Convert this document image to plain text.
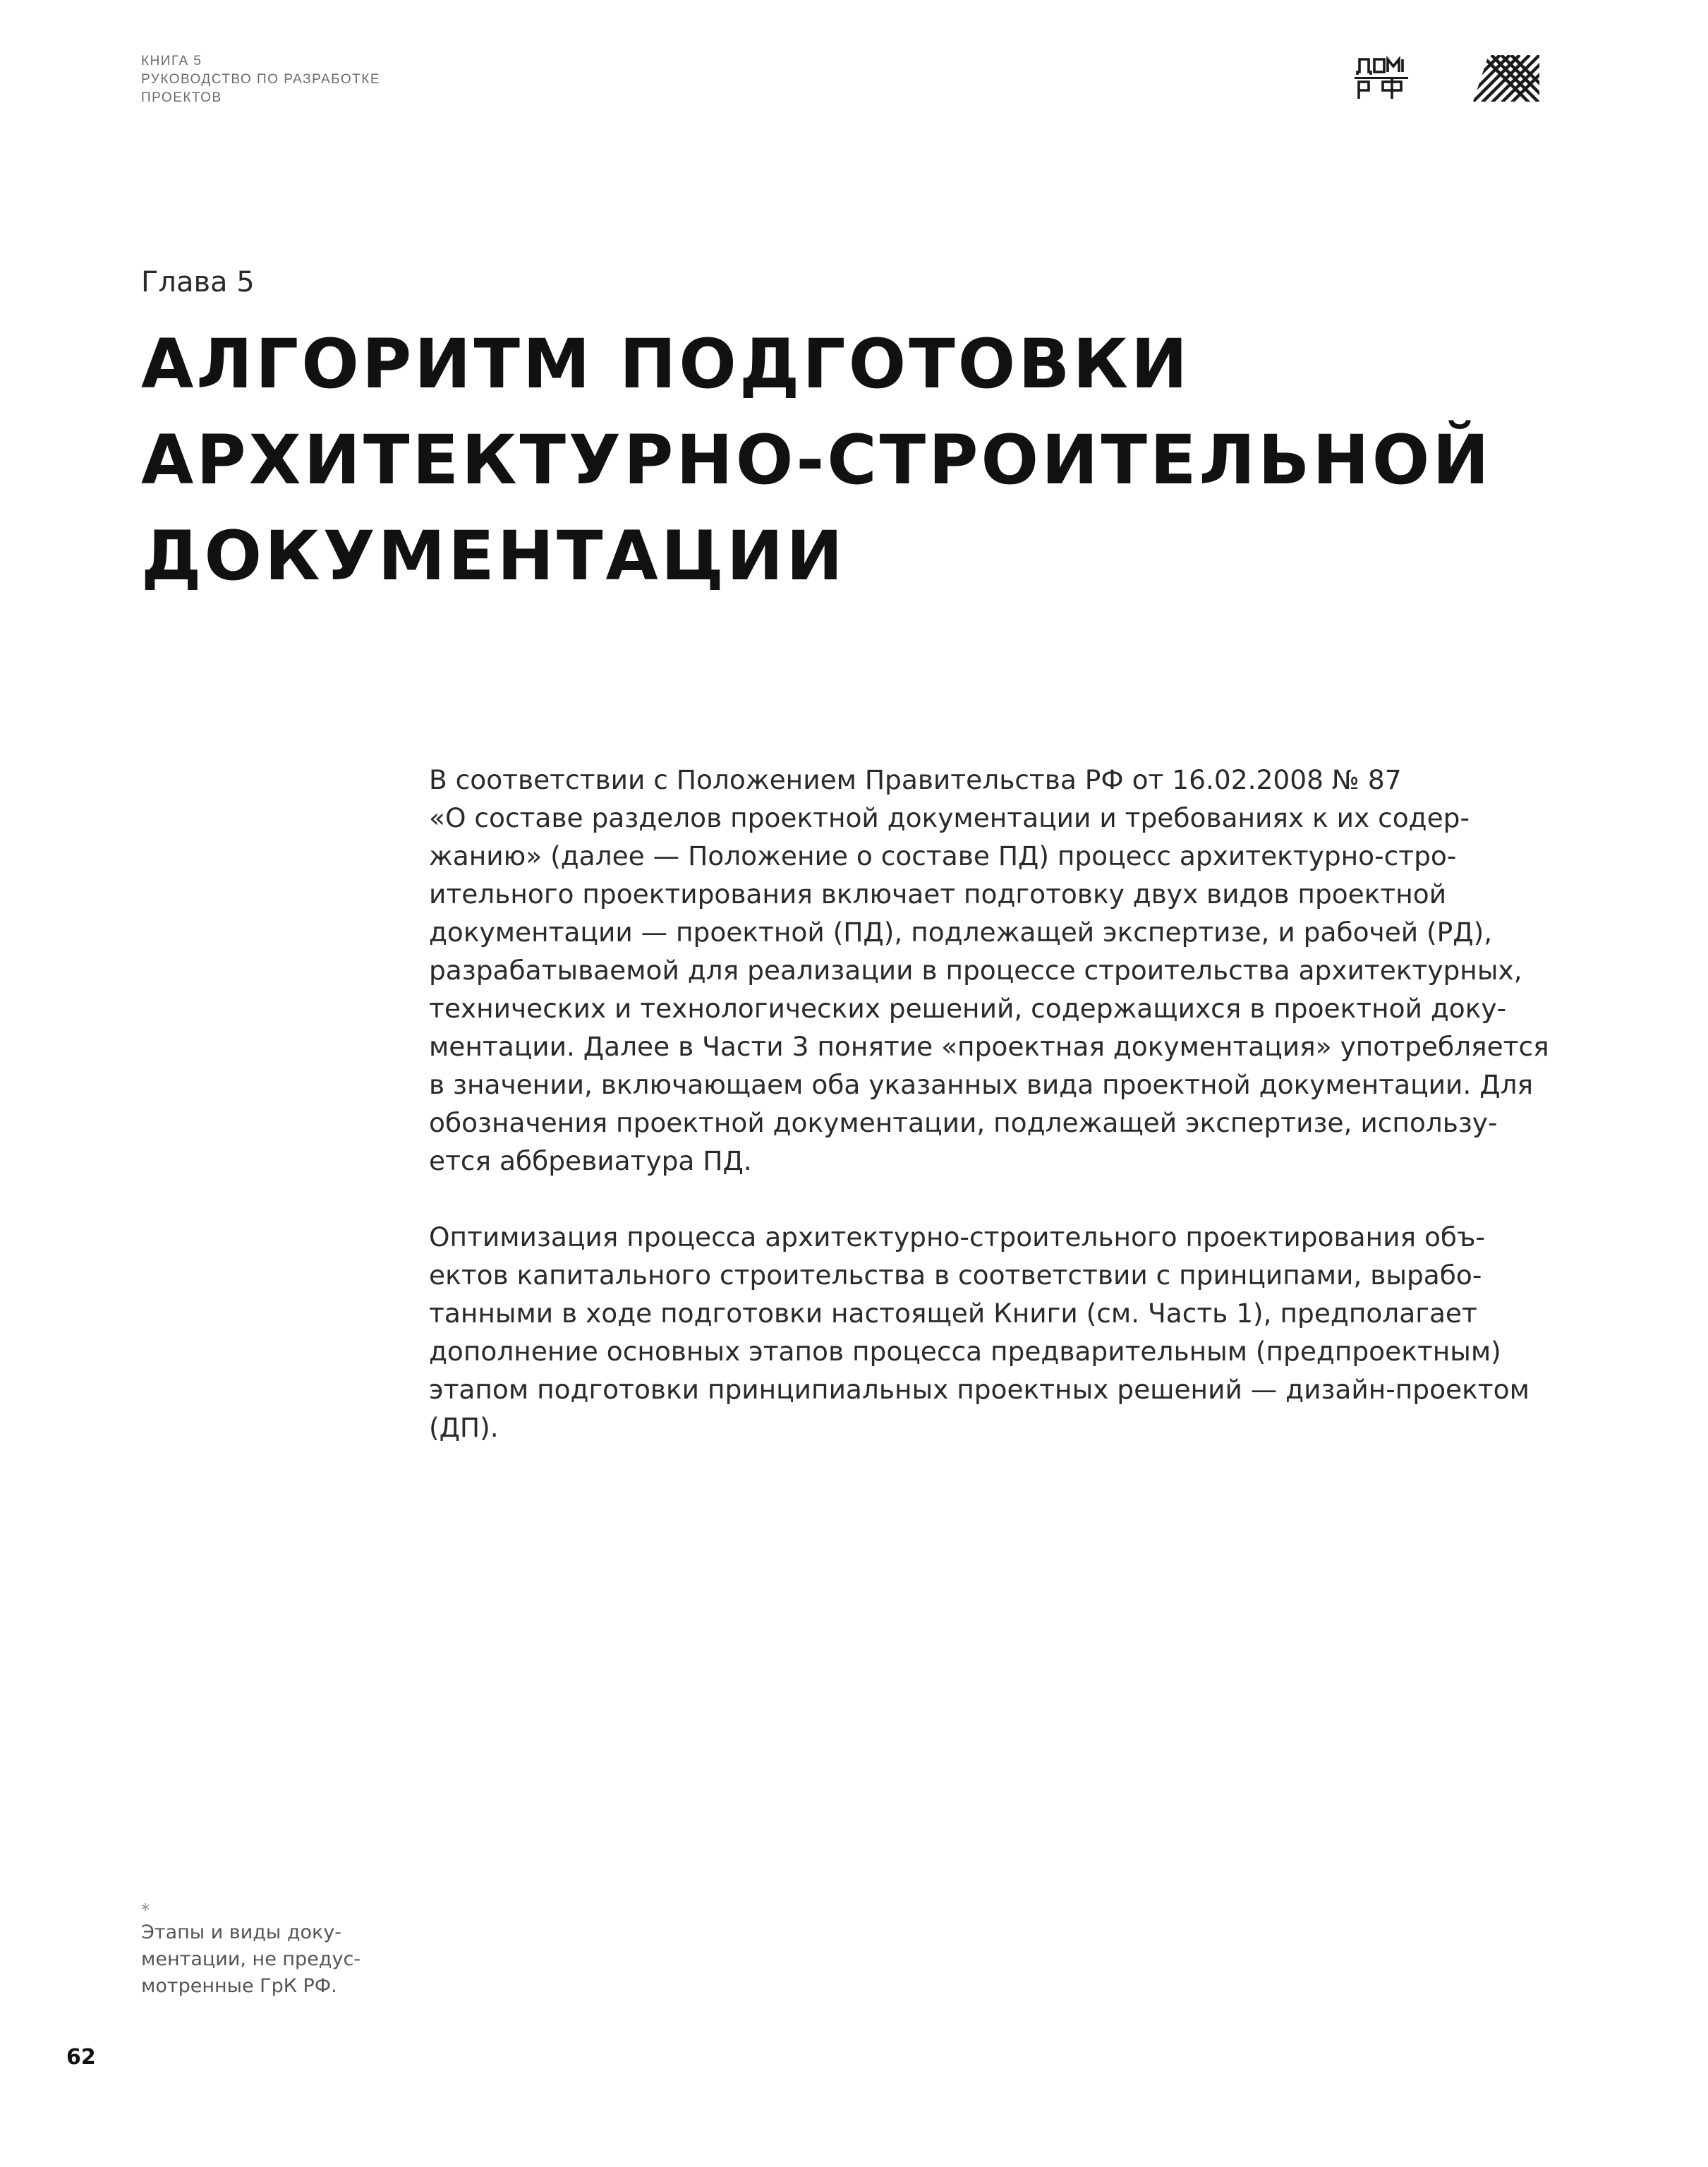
КНИГА 5
РУКОВОДСТВО ПО РАЗРАБОТКЕ
ПРОЕКТОВ
Глава 5
АЛГОРИТМ ПОДГОТОВКИ
АРХИТЕКТУРНО-СТРОИТЕЛЬНОЙ
ДОКУМЕНТАЦИИ

В соответствии с Положением Правительства РФ от 16.02.2008 № 87
«О составе разделов проектной документации и требованиях к их содер-
жанию» (далее — Положение о составе ПД) процесс архитектурно-стро-
ительного проектирования включает подготовку двух видов проектной
документации — проектной (ПД), подлежащей экспертизе, и рабочей (РД),
разрабатываемой для реализации в процессе строительства архитектурных,
технических и технологических решений, содержащихся в проектной доку-
ментации. Далее в Части 3 понятие «проектная документация» употребляется
в значении, включающаем оба указанных вида проектной документации. Для
обозначения проектной документации, подлежащей экспертизе, использу-
ется аббревиатура ПД.

Оптимизация процесса архитектурно-строительного проектирования объ-
ектов капитального строительства в соответствии с принципами, вырабо-
танными в ходе подготовки настоящей Книги (см. Часть 1), предполагает
дополнение основных этапов процесса предварительным (предпроектным)
этапом подготовки принципиальных проектных решений — дизайн-проектом
(ДП).

*
Этапы и виды доку-
ментации, не предус-
мотренные ГрК РФ.
62
